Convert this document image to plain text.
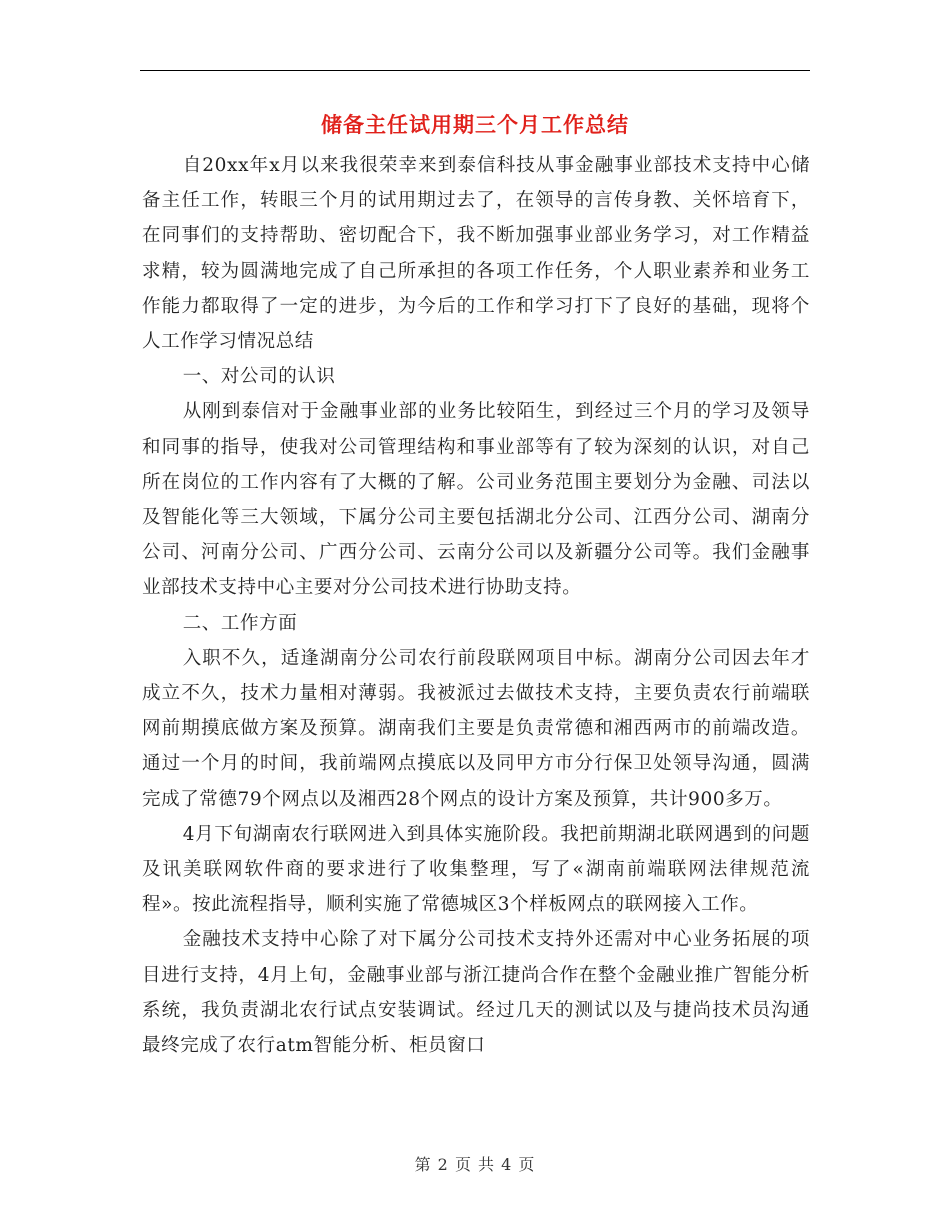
储备主任试用期三个月工作总结

自20xx年x月以来我很荣幸来到泰信科技从事金融事业部技术支持中心储备主任工作，转眼三个月的试用期过去了，在领导的言传身教、关怀培育下，在同事们的支持帮助、密切配合下，我不断加强事业部业务学习，对工作精益求精，较为圆满地完成了自己所承担的各项工作任务，个人职业素养和业务工作能力都取得了一定的进步，为今后的工作和学习打下了良好的基础，现将个人工作学习情况总结

一、对公司的认识

从刚到泰信对于金融事业部的业务比较陌生，到经过三个月的学习及领导和同事的指导，使我对公司管理结构和事业部等有了较为深刻的认识，对自己所在岗位的工作内容有了大概的了解。公司业务范围主要划分为金融、司法以及智能化等三大领域，下属分公司主要包括湖北分公司、江西分公司、湖南分公司、河南分公司、广西分公司、云南分公司以及新疆分公司等。我们金融事业部技术支持中心主要对分公司技术进行协助支持。

二、工作方面

入职不久，适逢湖南分公司农行前段联网项目中标。湖南分公司因去年才成立不久，技术力量相对薄弱。我被派过去做技术支持，主要负责农行前端联网前期摸底做方案及预算。湖南我们主要是负责常德和湘西两市的前端改造。通过一个月的时间，我前端网点摸底以及同甲方市分行保卫处领导沟通，圆满完成了常德79个网点以及湘西28个网点的设计方案及预算，共计900多万。

4月下旬湖南农行联网进入到具体实施阶段。我把前期湖北联网遇到的问题及讯美联网软件商的要求进行了收集整理，写了«湖南前端联网法律规范流程»。按此流程指导，顺利实施了常德城区3个样板网点的联网接入工作。

金融技术支持中心除了对下属分公司技术支持外还需对中心业务拓展的项目进行支持，4月上旬，金融事业部与浙江捷尚合作在整个金融业推广智能分析系统，我负责湖北农行试点安装调试。经过几天的测试以及与捷尚技术员沟通最终完成了农行atm智能分析、柜员窗口

第 2 页 共 4 页
